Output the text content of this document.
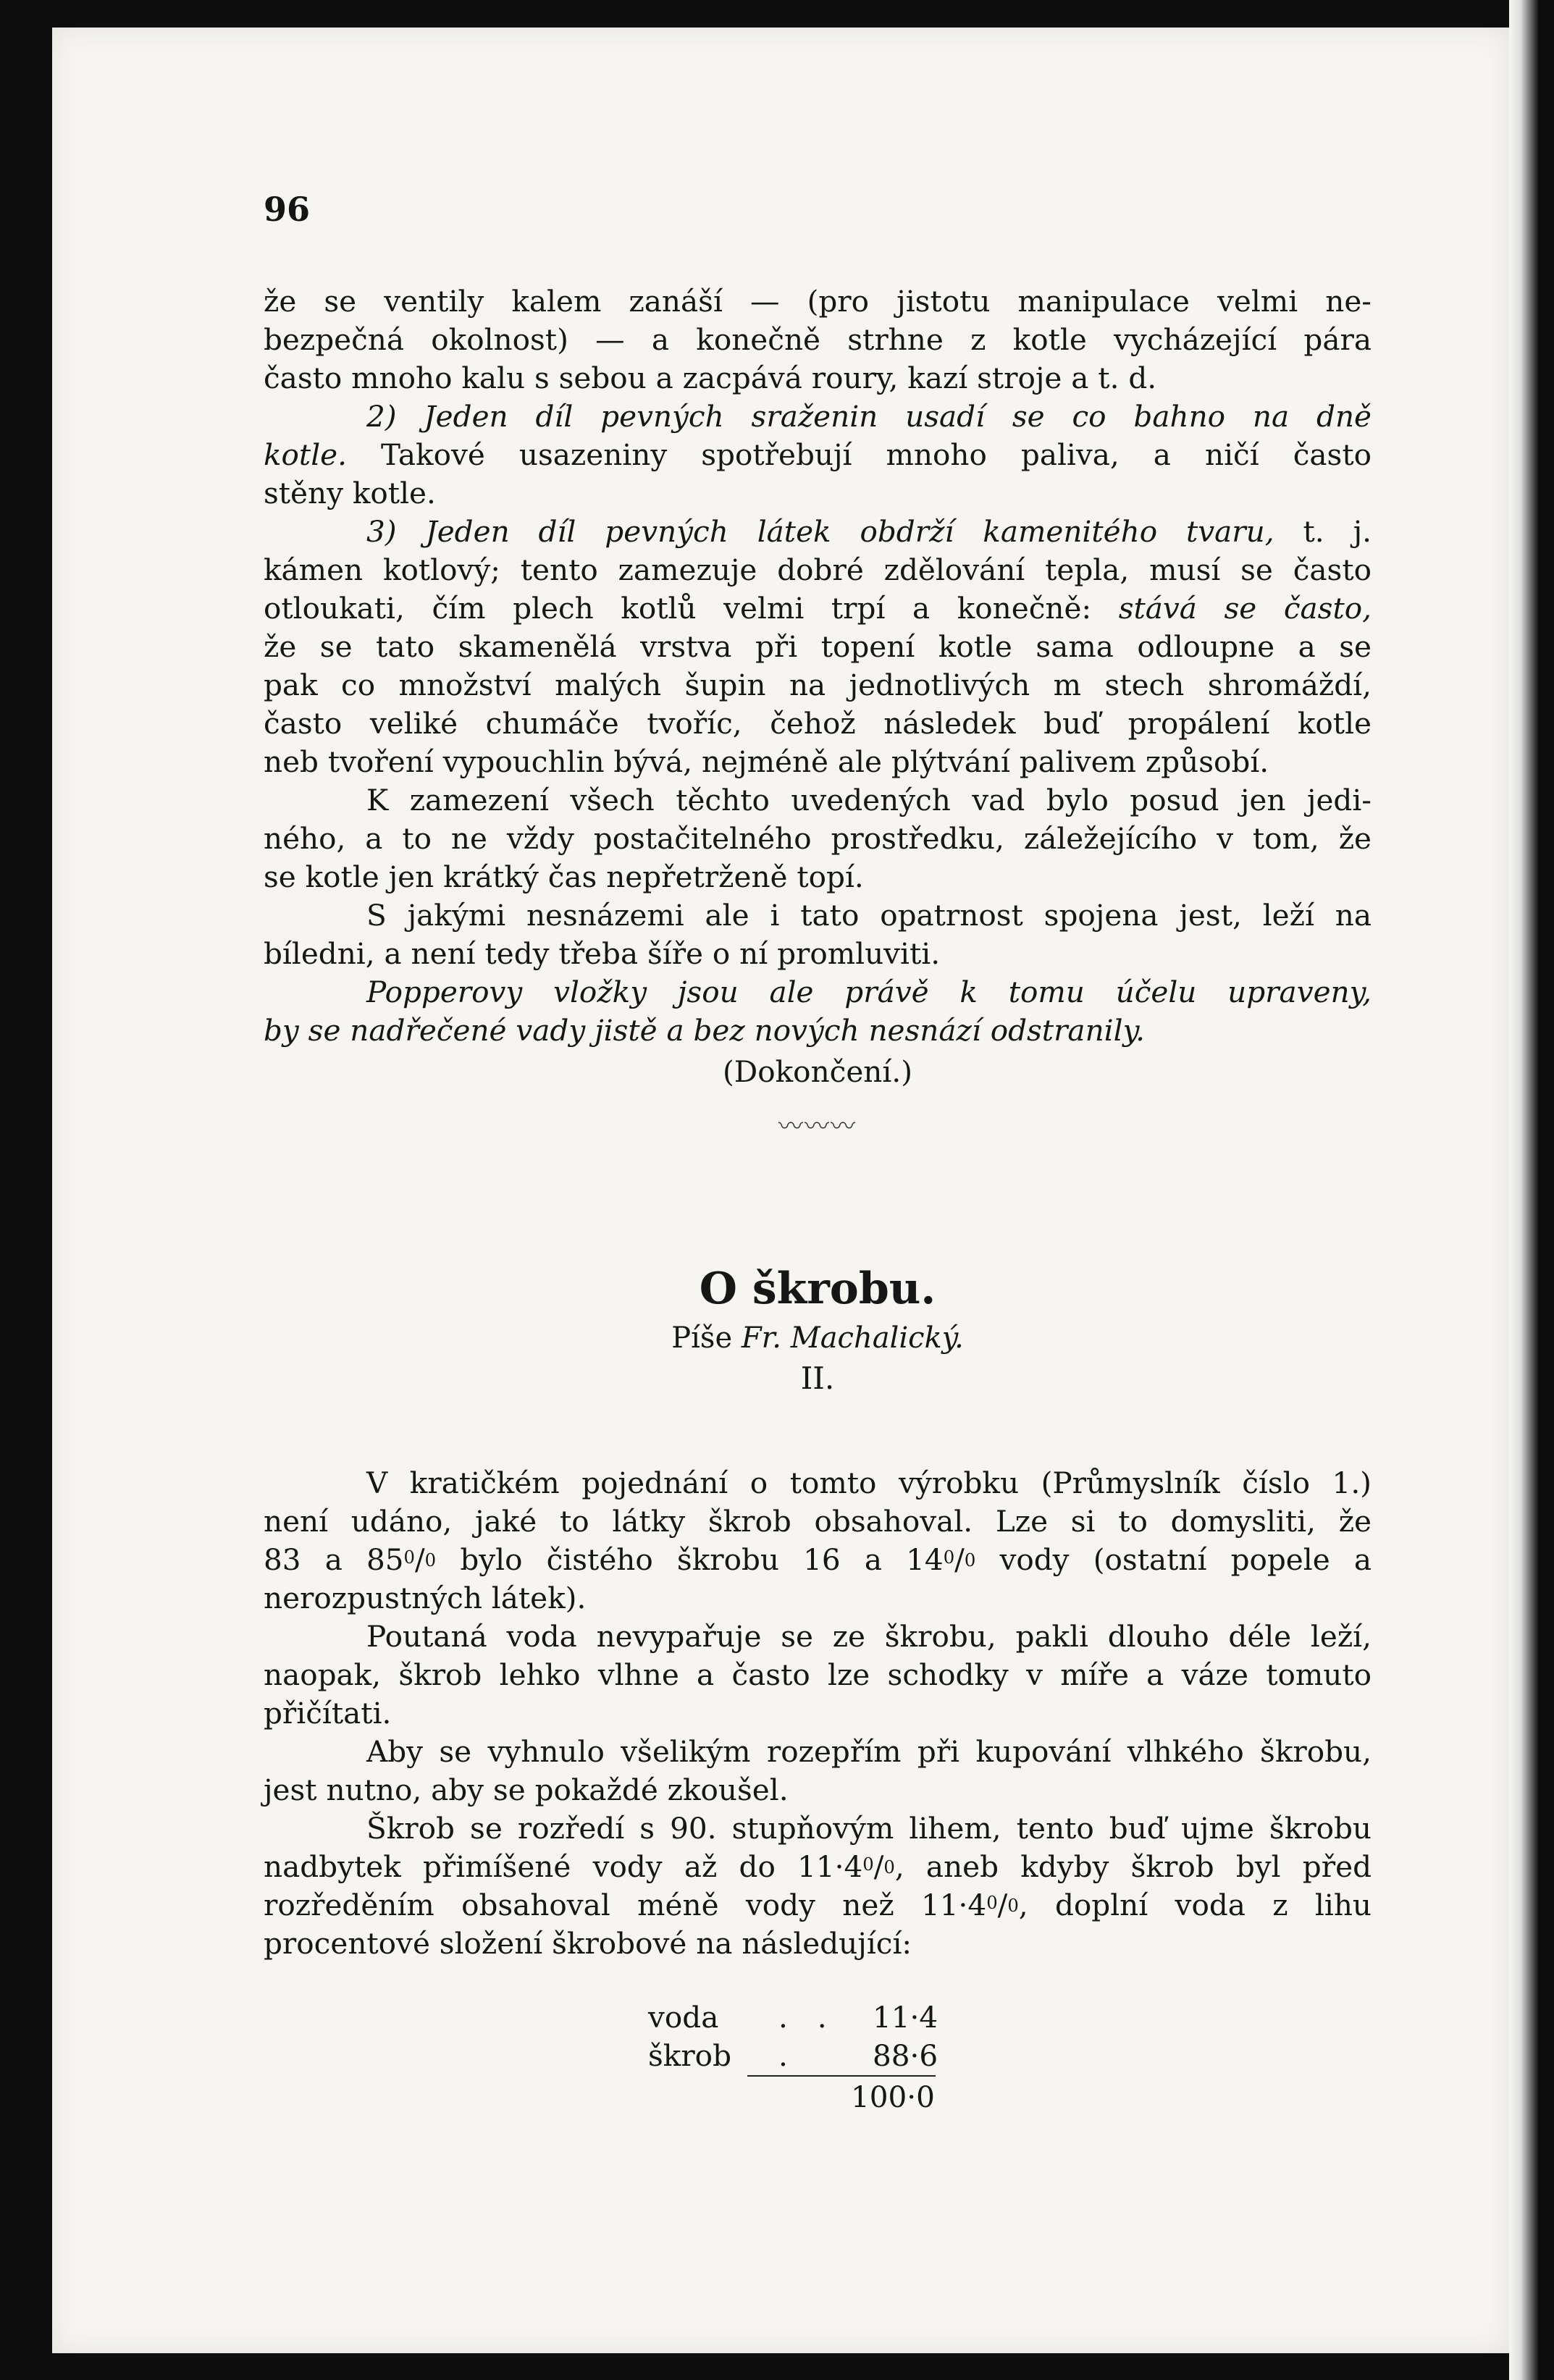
96
že se ventily kalem zanáší — (pro jistotu manipulace velmi ne-
bezpečná okolnost) — a konečně strhne z kotle vycházející pára
často mnoho kalu s sebou a zacpává roury, kazí stroje a t. d.
2) Jeden díl pevných sraženin usadí se co bahno na dně
kotle. Takové usazeniny spotřebují mnoho paliva, a ničí často
stěny kotle.
3) Jeden díl pevných látek obdrží kamenitého tvaru, t. j.
kámen kotlový; tento zamezuje dobré zdělování tepla, musí se často
otloukati, čím plech kotlů velmi trpí a konečně: stává se často,
že se tato skamenělá vrstva při topení kotle sama odloupne a se
pak co množství malých šupin na jednotlivých m stech shromáždí,
často veliké chumáče tvoříc, čehož následek buď propálení kotle
neb tvoření vypouchlin bývá, nejméně ale plýtvání palivem způsobí.
K zamezení všech těchto uvedených vad bylo posud jen jedi-
ného, a to ne vždy postačitelného prostředku, záležejícího v tom, že
se kotle jen krátký čas nepřetrženě topí.
S jakými nesnázemi ale i tato opatrnost spojena jest, leží na
bíledni, a není tedy třeba šíře o ní promluviti.
Popperovy vložky jsou ale právě k tomu účelu upraveny,
by se nadřečené vady jistě a bez nových nesnází odstranily.
(Dokončení.)
〰〰〰
O škrobu.
Píše Fr. Machalický.
II.
V kratičkém pojednání o tomto výrobku (Průmyslník číslo 1.)
není udáno, jaké to látky škrob obsahoval. Lze si to domysliti, že
83 a $85^0/0$ bylo čistého škrobu 16 a $14^0/0$ vody (ostatní popele a
nerozpustných látek).
Poutaná voda nevypařuje se ze škrobu, pakli dlouho déle leží,
naopak, škrob lehko vlhne a často lze schodky v míře a váze tomuto
přičítati.
Aby se vyhnulo všelikým rozepřím při kupování vlhkého škrobu,
jest nutno, aby se pokaždé zkoušel.
Škrob se rozředí s 90. stupňovým lihem, tento buď ujme škrobu
nadbytek přimíšené vody až do $11\cdot 4^0/0$, aneb kdyby škrob byl před
rozředěním obsahoval méně vody než $11\cdot 4^0/0$, doplní voda z lihu
procentové složení škrobové na následující:
voda	. .	11·4
škrob	.	88·6
100·0
